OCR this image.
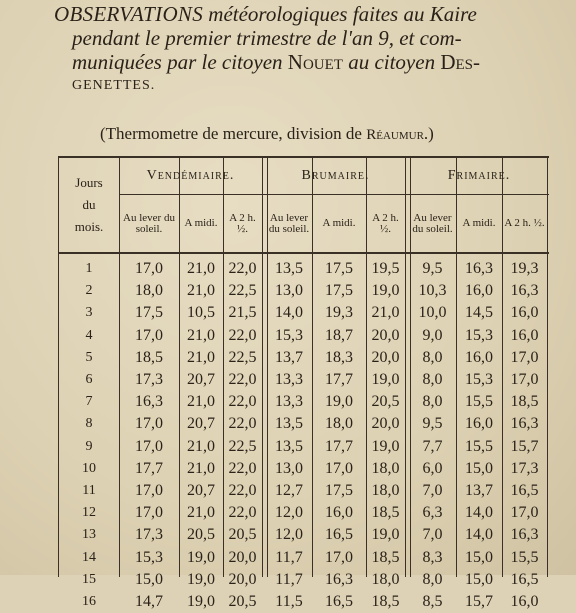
OBSERVATIONS météorologiques faites au Kaire
pendant le premier trimestre de l'an 9, et com-
muniquées par le citoyen Nouet au citoyen Des-
GENETTES.
(Thermometre de mercure, division de Réaumur.)
Jours
du
mois.
Vendémiaire.	Brumaire.	Frimaire.
Au lever du soleil.	A midi.	A 2 h. ½.
Au lever du soleil.	A midi.	A 2 h. ½.
Au lever du soleil. A midi. A 2 h. ½.
1	17,0	21,0 22,0	13,5	17,5	19,5	9,5	16,3	19,3
2	18,0	21,0 22,5	13,0	17,5	19,0	10,3	16,0	16,3
3	17,5	10,5 21,5	14,0	19,3	21,0	10,0	14,5	16,0
4	17,0	21,0 22,0	15,3	18,7	20,0	9,0	15,3	16,0
5	18,5	21,0 22,5	13,7	18,3	20,0	8,0	16,0	17,0
6	17,3	20,7 22,0	13,3	17,7	19,0	8,0	15,3	17,0
7	16,3	21,0 22,0	13,3	19,0	20,5	8,0	15,5	18,5
8	17,0	20,7 22,0	13,5	18,0	20,0	9,5	16,0	16,3
9	17,0	21,0 22,5	13,5	17,7	19,0	7,7	15,5	15,7
10	17,7	21,0 22,0	13,0	17,0	18,0	6,0	15,0	17,3
11	17,0	20,7 22,0	12,7	17,5	18,0	7,0	13,7	16,5
12	17,0	21,0 22,0	12,0	16,0	18,5	6,3	14,0	17,0
13	17,3	20,5 20,5	12,0	16,5	19,0	7,0	14,0	16,3
14	15,3	19,0 20,0	11,7	17,0	18,5	8,3	15,0	15,5
15	15,0	19,0 20,0	11,7	16,3	18,0	8,0	15,0	16,5
16	14,7	19,0 20,5	11,5	16,5	18,5	8,5	15,7	16,0
